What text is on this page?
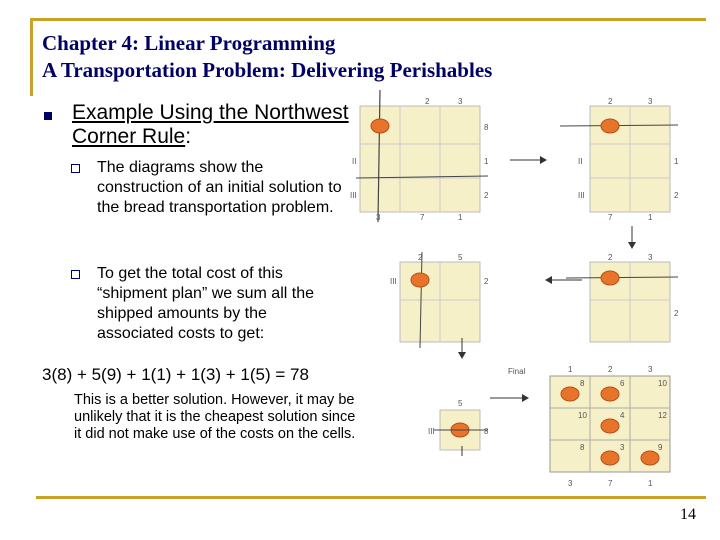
Chapter 4: Linear Programming
A Transportation Problem: Delivering Perishables
Example Using the Northwest Corner Rule:
The diagrams show the construction of an initial solution to the bread transportation problem.
To get the total cost of this “shipment plan” we sum all the shipped amounts by the associated costs to get:
3(8) + 5(9) + 1(1) + 1(3) + 1(5) = 78
This is a better solution. However, it may be unlikely that it is the cheapest solution since it did not make use of the costs on the cells.
2	3
8
1
2
II
III
3	7	1
2	3
1
2
II
III
7	1
2	5
III	2
2	3
2
5
III	8
Final
8	6	10
10	4	12
8	3	9
1	2	3
3	7	1
14
